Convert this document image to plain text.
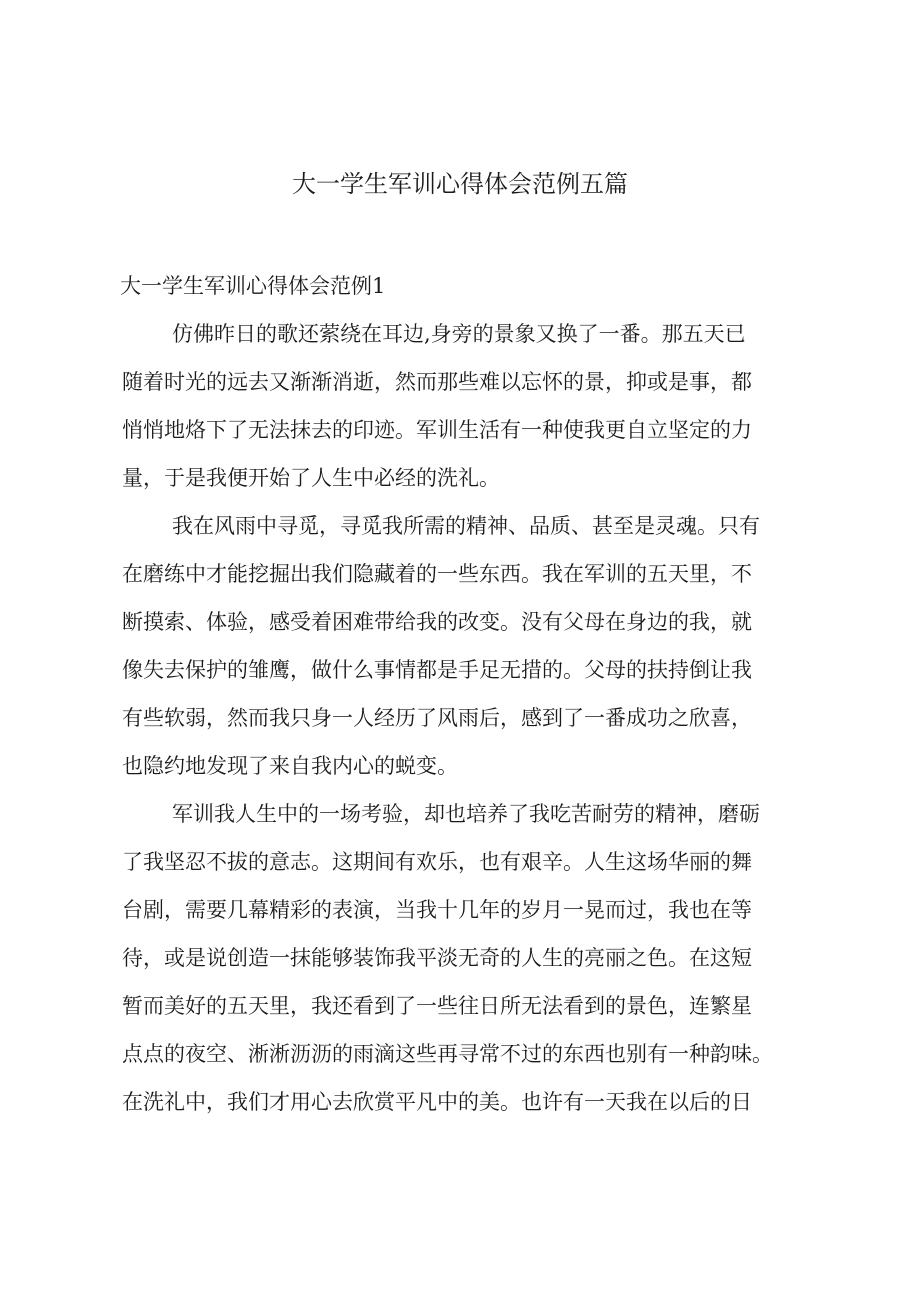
大一学生军训心得体会范例五篇
大一学生军训心得体会范例1

仿佛昨日的歌还萦绕在耳边,身旁的景象又换了一番。那五天已

随着时光的远去又渐渐消逝，然而那些难以忘怀的景，抑或是事，都

悄悄地烙下了无法抹去的印迹。军训生活有一种使我更自立坚定的力

量，于是我便开始了人生中必经的洗礼。

我在风雨中寻觅，寻觅我所需的精神、品质、甚至是灵魂。只有

在磨练中才能挖掘出我们隐藏着的一些东西。我在军训的五天里，不

断摸索、体验，感受着困难带给我的改变。没有父母在身边的我，就

像失去保护的雏鹰，做什么事情都是手足无措的。父母的扶持倒让我

有些软弱，然而我只身一人经历了风雨后，感到了一番成功之欣喜，

也隐约地发现了来自我内心的蜕变。

军训我人生中的一场考验，却也培养了我吃苦耐劳的精神，磨砺

了我坚忍不拔的意志。这期间有欢乐，也有艰辛。人生这场华丽的舞

台剧，需要几幕精彩的表演，当我十几年的岁月一晃而过，我也在等

待，或是说创造一抹能够装饰我平淡无奇的人生的亮丽之色。在这短

暂而美好的五天里，我还看到了一些往日所无法看到的景色，连繁星

点点的夜空、淅淅沥沥的雨滴这些再寻常不过的东西也别有一种韵味。

在洗礼中，我们才用心去欣赏平凡中的美。也许有一天我在以后的日
